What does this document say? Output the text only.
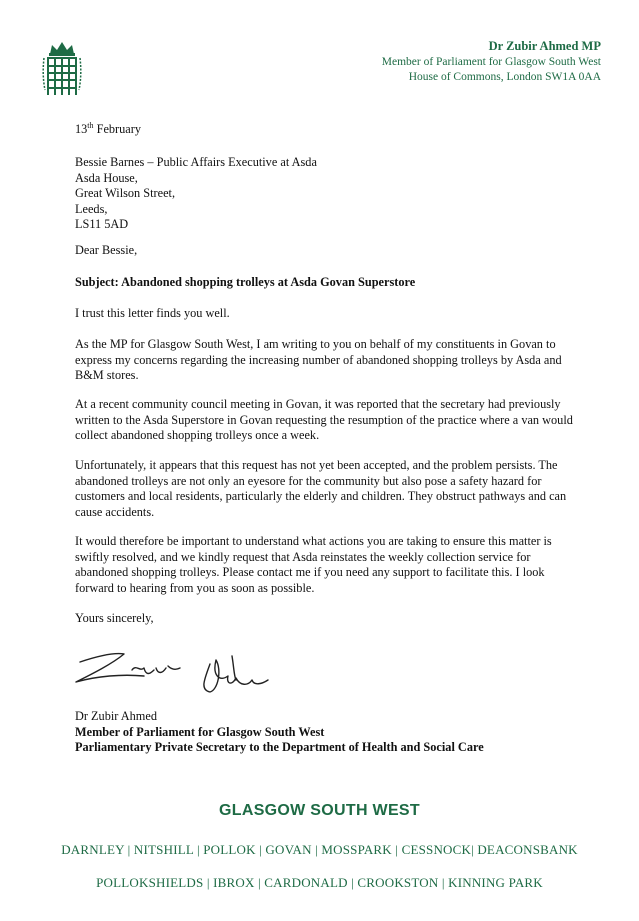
Dr Zubir Ahmed MP
Member of Parliament for Glasgow South West
House of Commons, London SW1A 0AA
13th February

Bessie Barnes – Public Affairs Executive at Asda

Asda House,

Great Wilson Street,

Leeds,

LS11 5AD

Dear Bessie,
Subject: Abandoned shopping trolleys at Asda Govan Superstore
I trust this letter finds you well.
As the MP for Glasgow South West, I am writing to you on behalf of my constituents in Govan to express my concerns regarding the increasing number of abandoned shopping trolleys by Asda and B&M stores.
At a recent community council meeting in Govan, it was reported that the secretary had previously written to the Asda Superstore in Govan requesting the resumption of the practice where a van would collect abandoned shopping trolleys once a week.
Unfortunately, it appears that this request has not yet been accepted, and the problem persists. The abandoned trolleys are not only an eyesore for the community but also pose a safety hazard for customers and local residents, particularly the elderly and children. They obstruct pathways and can cause accidents.
It would therefore be important to understand what actions you are taking to ensure this matter is swiftly resolved, and we kindly request that Asda reinstates the weekly collection service for abandoned shopping trolleys. Please contact me if you need any support to facilitate this. I look forward to hearing from you as soon as possible.
Yours sincerely,

Dr Zubir Ahmed

Member of Parliament for Glasgow South West

Parliamentary Private Secretary to the Department of Health and Social Care

GLASGOW SOUTH WEST
DARNLEY | NITSHILL | POLLOK | GOVAN | MOSSPARK | CESSNOCK| DEACONSBANK
POLLOKSHIELDS | IBROX | CARDONALD | CROOKSTON | KINNING PARK
